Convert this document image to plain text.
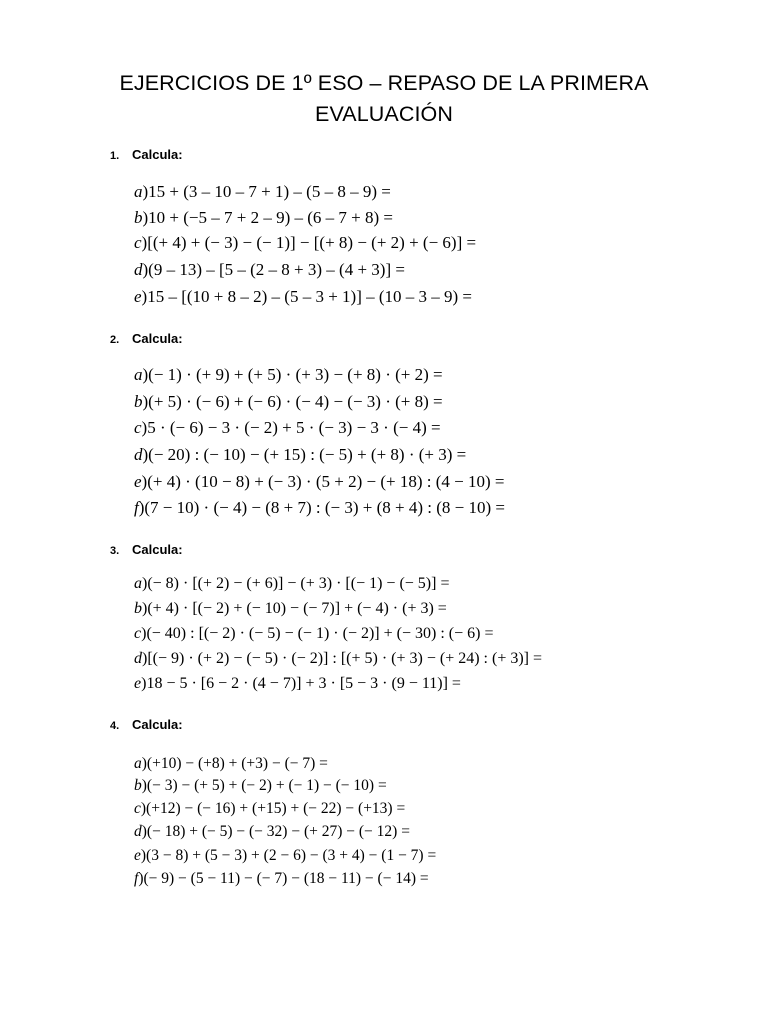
EJERCICIOS DE 1º ESO – REPASO DE LA PRIMERA
EVALUACIÓN
1. Calcula:
a)15 + (3 – 10 – 7 + 1) – (5 – 8 – 9) =
b)10 + (−5 – 7 + 2 – 9) – (6 – 7 + 8) =
c)[(+ 4) + (− 3) − (− 1)] − [(+ 8) − (+ 2) + (− 6)] =
d)(9 – 13) – [5 – (2 – 8 + 3) – (4 + 3)] =
e)15 – [(10 + 8 – 2) – (5 – 3 + 1)] – (10 – 3 – 9) =
2. Calcula:
a)(− 1) · (+ 9) + (+ 5) · (+ 3) − (+ 8) · (+ 2) =
b)(+ 5) · (− 6) + (− 6) · (− 4) − (− 3) · (+ 8) =
c)5 · (− 6) − 3 · (− 2) + 5 · (− 3) − 3 · (− 4) =
d)(− 20) : (− 10) − (+ 15) : (− 5) + (+ 8) · (+ 3) =
e)(+ 4) · (10 − 8) + (− 3) · (5 + 2) − (+ 18) : (4 − 10) =
f)(7 − 10) · (− 4) − (8 + 7) : (− 3) + (8 + 4) : (8 − 10) =
3. Calcula:
a)(− 8) · [(+ 2) − (+ 6)] − (+ 3) · [(− 1) − (− 5)] =
b)(+ 4) · [(− 2) + (− 10) − (− 7)] + (− 4) · (+ 3) =
c)(− 40) : [(− 2) · (− 5) − (− 1) · (− 2)] + (− 30) : (− 6) =
d)[(− 9) · (+ 2) − (− 5) · (− 2)] : [(+ 5) · (+ 3) − (+ 24) : (+ 3)] =
e)18 − 5 · [6 − 2 · (4 − 7)] + 3 · [5 − 3 · (9 − 11)] =
4. Calcula:
a)(+10) − (+8) + (+3) − (− 7) =
b)(− 3) − (+ 5) + (− 2) + (− 1) − (− 10) =
c)(+12) − (− 16) + (+15) + (− 22) − (+13) =
d)(− 18) + (− 5) − (− 32) − (+ 27) − (− 12) =
e)(3 − 8) + (5 − 3) + (2 − 6) − (3 + 4) − (1 − 7) =
f)(− 9) − (5 − 11) − (− 7) − (18 − 11) − (− 14) =
